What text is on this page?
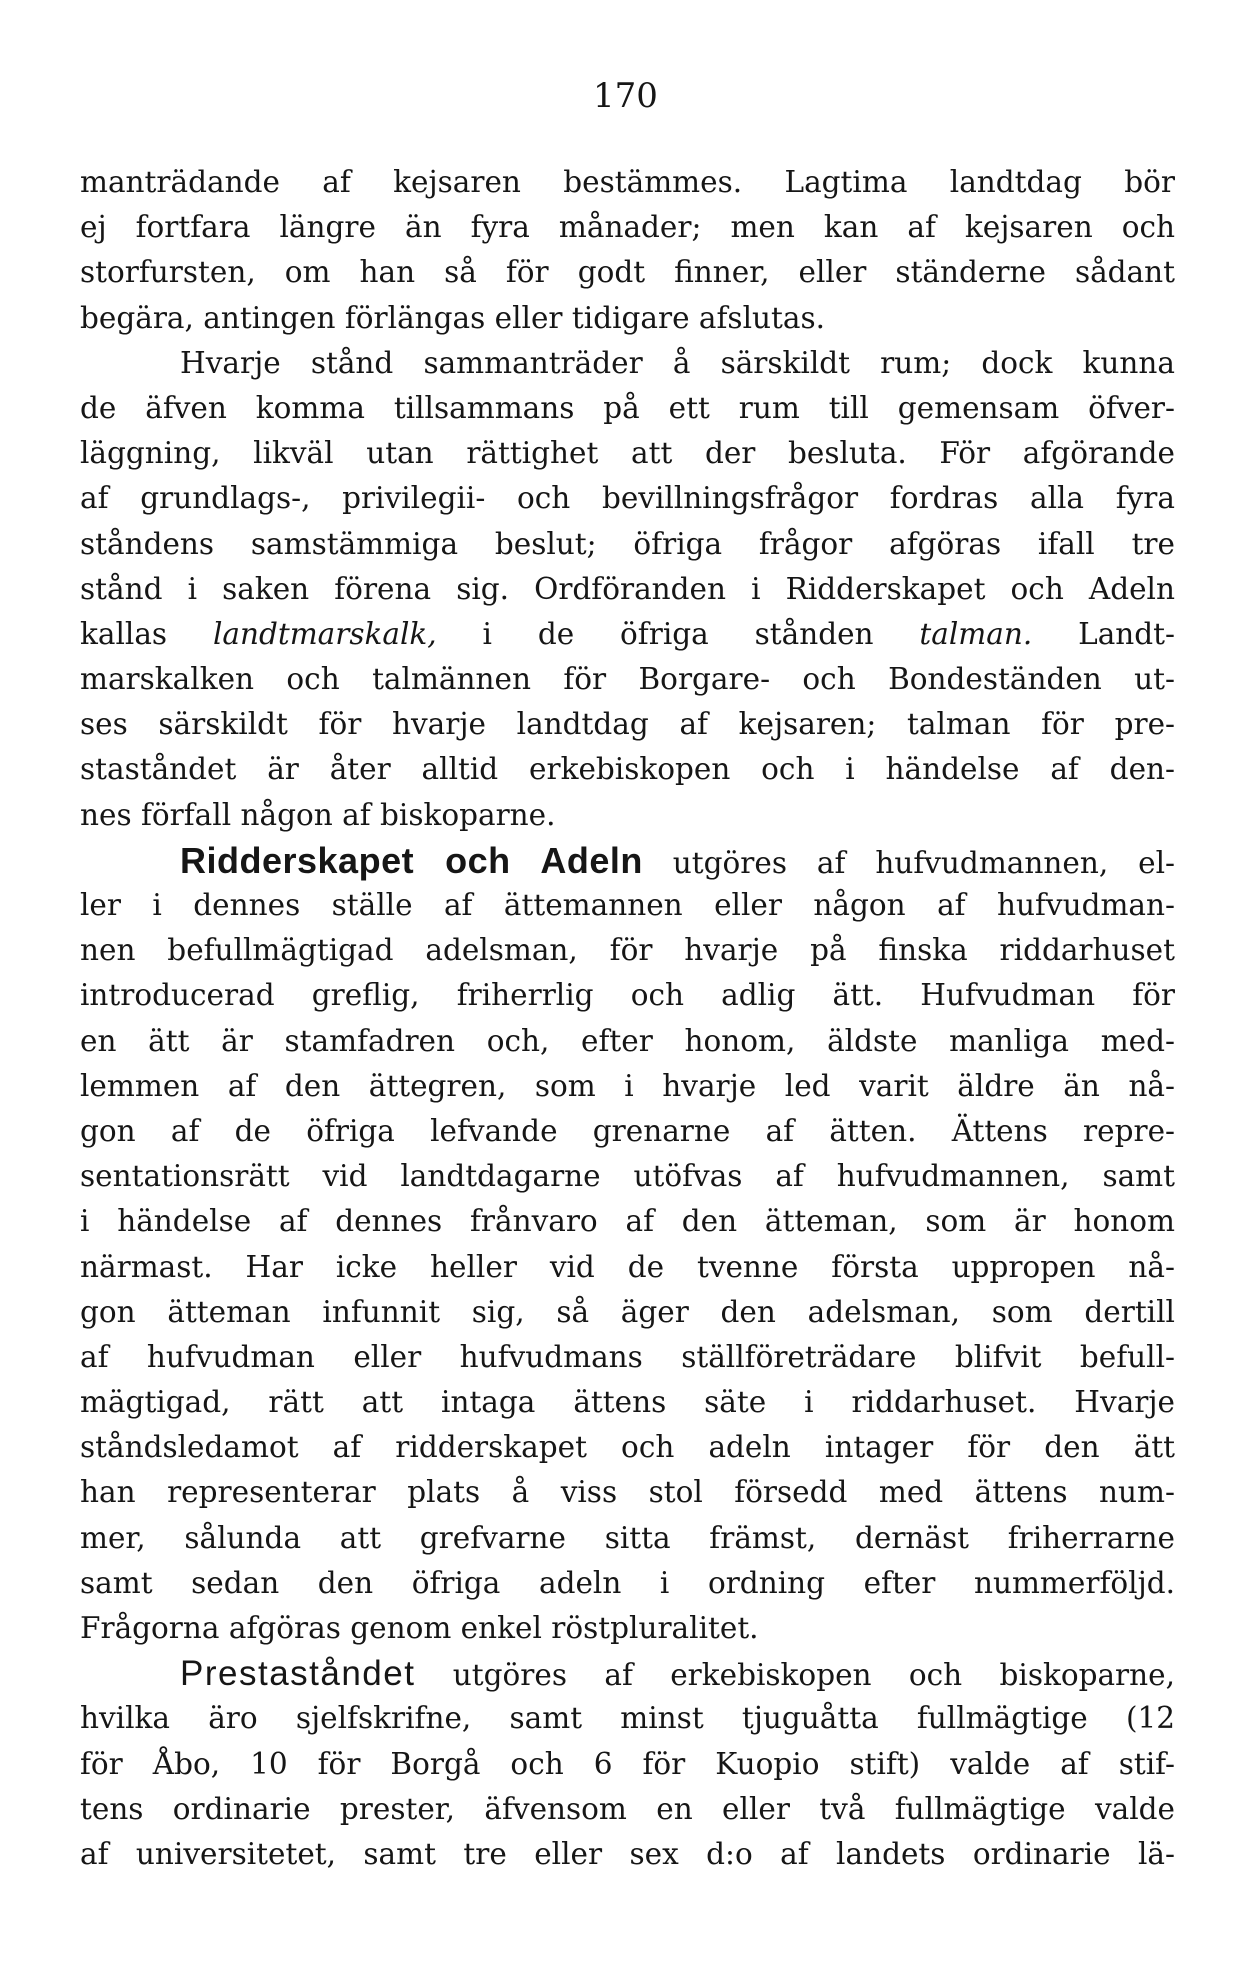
170
manträdande af kejsaren bestämmes. Lagtima landtdag bör
ej fortfara längre än fyra månader; men kan af kejsaren och
storfursten, om han så för godt finner, eller ständerne sådant
begära, antingen förlängas eller tidigare afslutas.
Hvarje stånd sammanträder å särskildt rum; dock kunna
de äfven komma tillsammans på ett rum till gemensam öfver-
läggning, likväl utan rättighet att der besluta. För afgörande
af grundlags-, privilegii- och bevillningsfrågor fordras alla fyra
ståndens samstämmiga beslut; öfriga frågor afgöras ifall tre
stånd i saken förena sig. Ordföranden i Ridderskapet och Adeln
kallas landtmarskalk, i de öfriga stånden talman. Landt-
marskalken och talmännen för Borgare- och Bondeständen ut-
ses särskildt för hvarje landtdag af kejsaren; talman för pre-
staståndet är åter alltid erkebiskopen och i händelse af den-
nes förfall någon af biskoparne.
Ridderskapet och Adeln utgöres af hufvudmannen, el-
ler i dennes ställe af ättemannen eller någon af hufvudman-
nen befullmägtigad adelsman, för hvarje på finska riddarhuset
introducerad greflig, friherrlig och adlig ätt. Hufvudman för
en ätt är stamfadren och, efter honom, äldste manliga med-
lemmen af den ättegren, som i hvarje led varit äldre än nå-
gon af de öfriga lefvande grenarne af ätten. Ättens repre-
sentationsrätt vid landtdagarne utöfvas af hufvudmannen, samt
i händelse af dennes frånvaro af den ätteman, som är honom
närmast. Har icke heller vid de tvenne första uppropen nå-
gon ätteman infunnit sig, så äger den adelsman, som dertill
af hufvudman eller hufvudmans ställföreträdare blifvit befull-
mägtigad, rätt att intaga ättens säte i riddarhuset. Hvarje
ståndsledamot af ridderskapet och adeln intager för den ätt
han representerar plats å viss stol försedd med ättens num-
mer, sålunda att grefvarne sitta främst, dernäst friherrarne
samt sedan den öfriga adeln i ordning efter nummerföljd.
Frågorna afgöras genom enkel röstpluralitet.
Prestaståndet utgöres af erkebiskopen och biskoparne,
hvilka äro sjelfskrifne, samt minst tjuguåtta fullmägtige (12
för Åbo, 10 för Borgå och 6 för Kuopio stift) valde af stif-
tens ordinarie prester, äfvensom en eller två fullmägtige valde
af universitetet, samt tre eller sex d:o af landets ordinarie lä-
